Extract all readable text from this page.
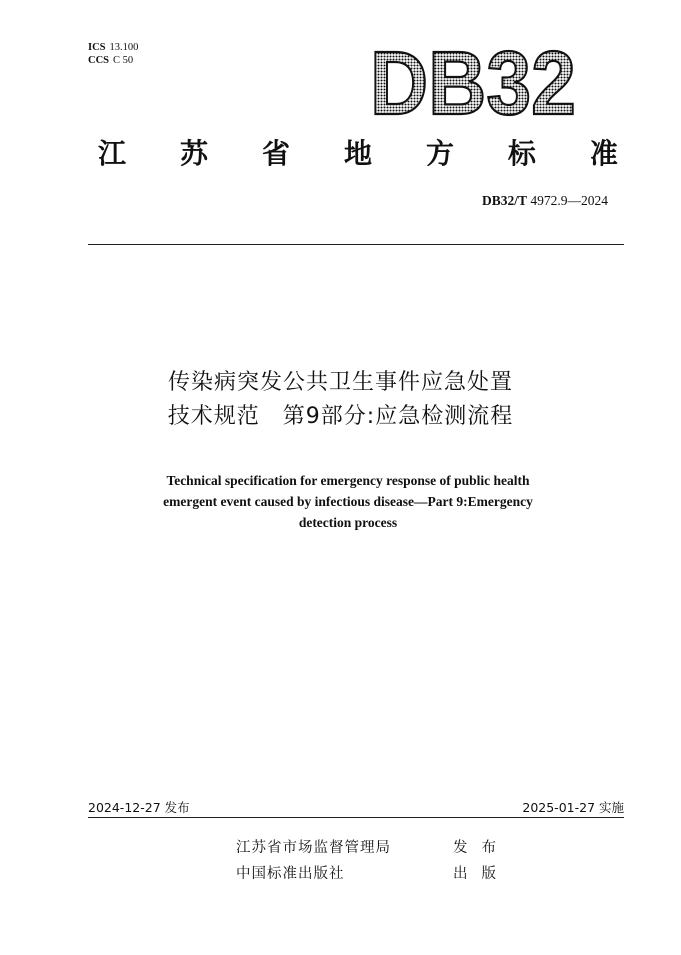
ICS 13.100
CCS C 50	DB32
江 苏 省 地 方 标 准
DB32/T 4972.9—2024
传染病突发公共卫生事件应急处置
技术规范　第9部分:应急检测流程
Technical specification for emergency response of public health
emergent event caused by infectious disease—Part 9:Emergency
detection process
2024-12-27 发布	2025-01-27 实施
江苏省市场监督管理局	发布
中国标准出版社	出版
